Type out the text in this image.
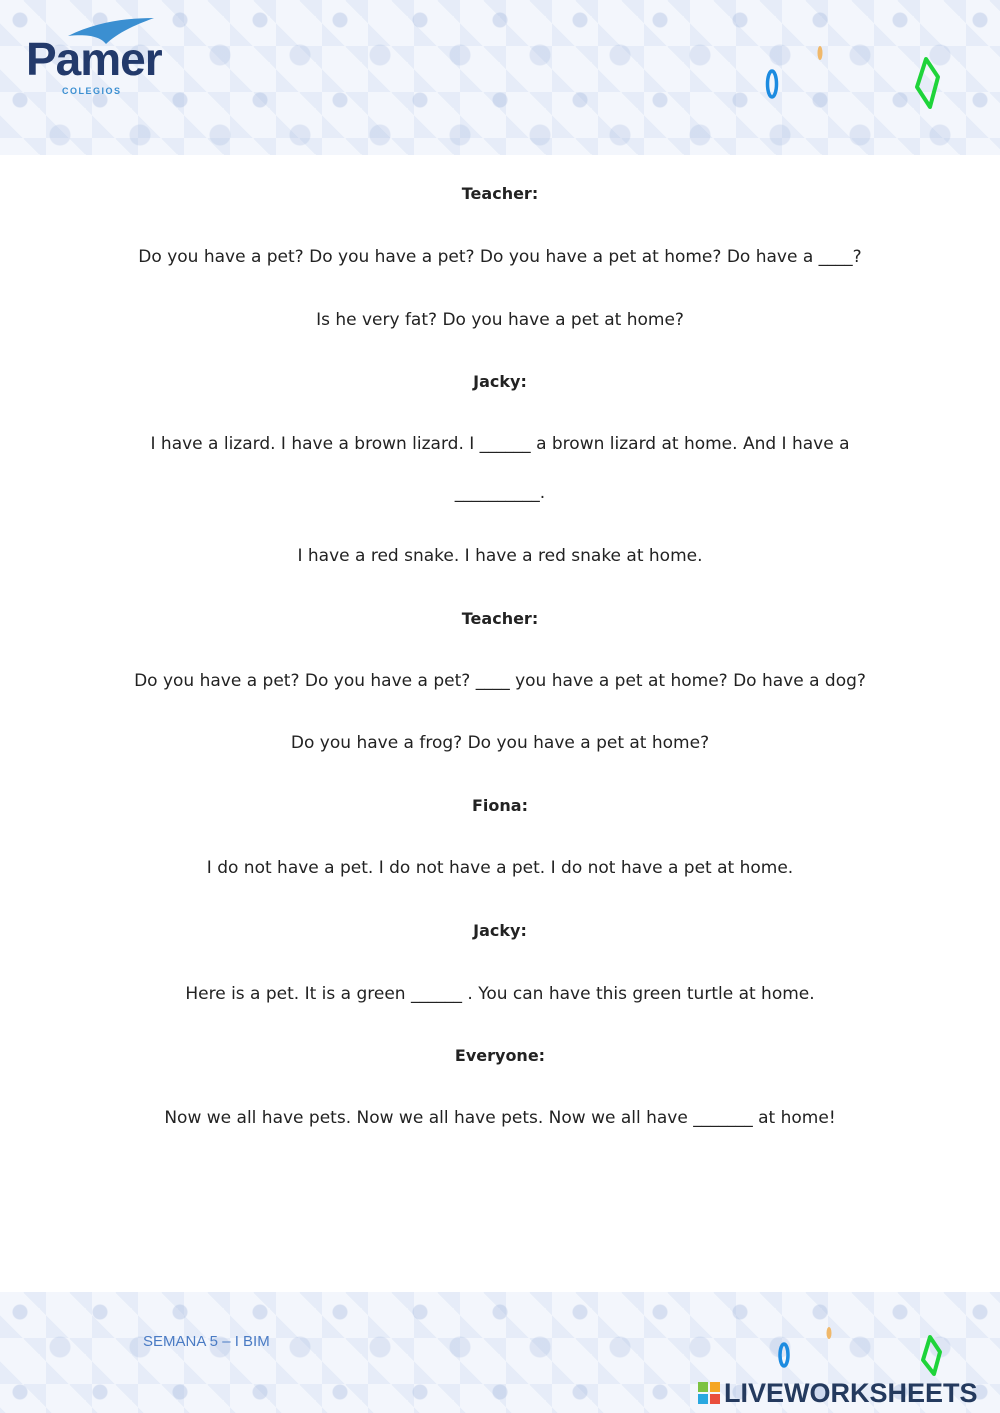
Pamer
COLEGIOS
Teacher:
Do you have a pet? Do you have a pet? Do you have a pet at home? Do have a ____?
Is he very fat? Do you have a pet at home?
Jacky:
I have a lizard. I have a brown lizard. I ______ a brown lizard at home. And I have a
__________.
I have a red snake. I have a red snake at home.
Teacher:
Do you have a pet? Do you have a pet? ____ you have a pet at home? Do have a dog?
Do you have a frog? Do you have a pet at home?
Fiona:
I do not have a pet. I do not have a pet. I do not have a pet at home.
Jacky:
Here is a pet. It is a green ______ . You can have this green turtle at home.
Everyone:
Now we all have pets. Now we all have pets. Now we all have _______ at home!
SEMANA 5 – I BIM
LIVEWORKSHEETS
